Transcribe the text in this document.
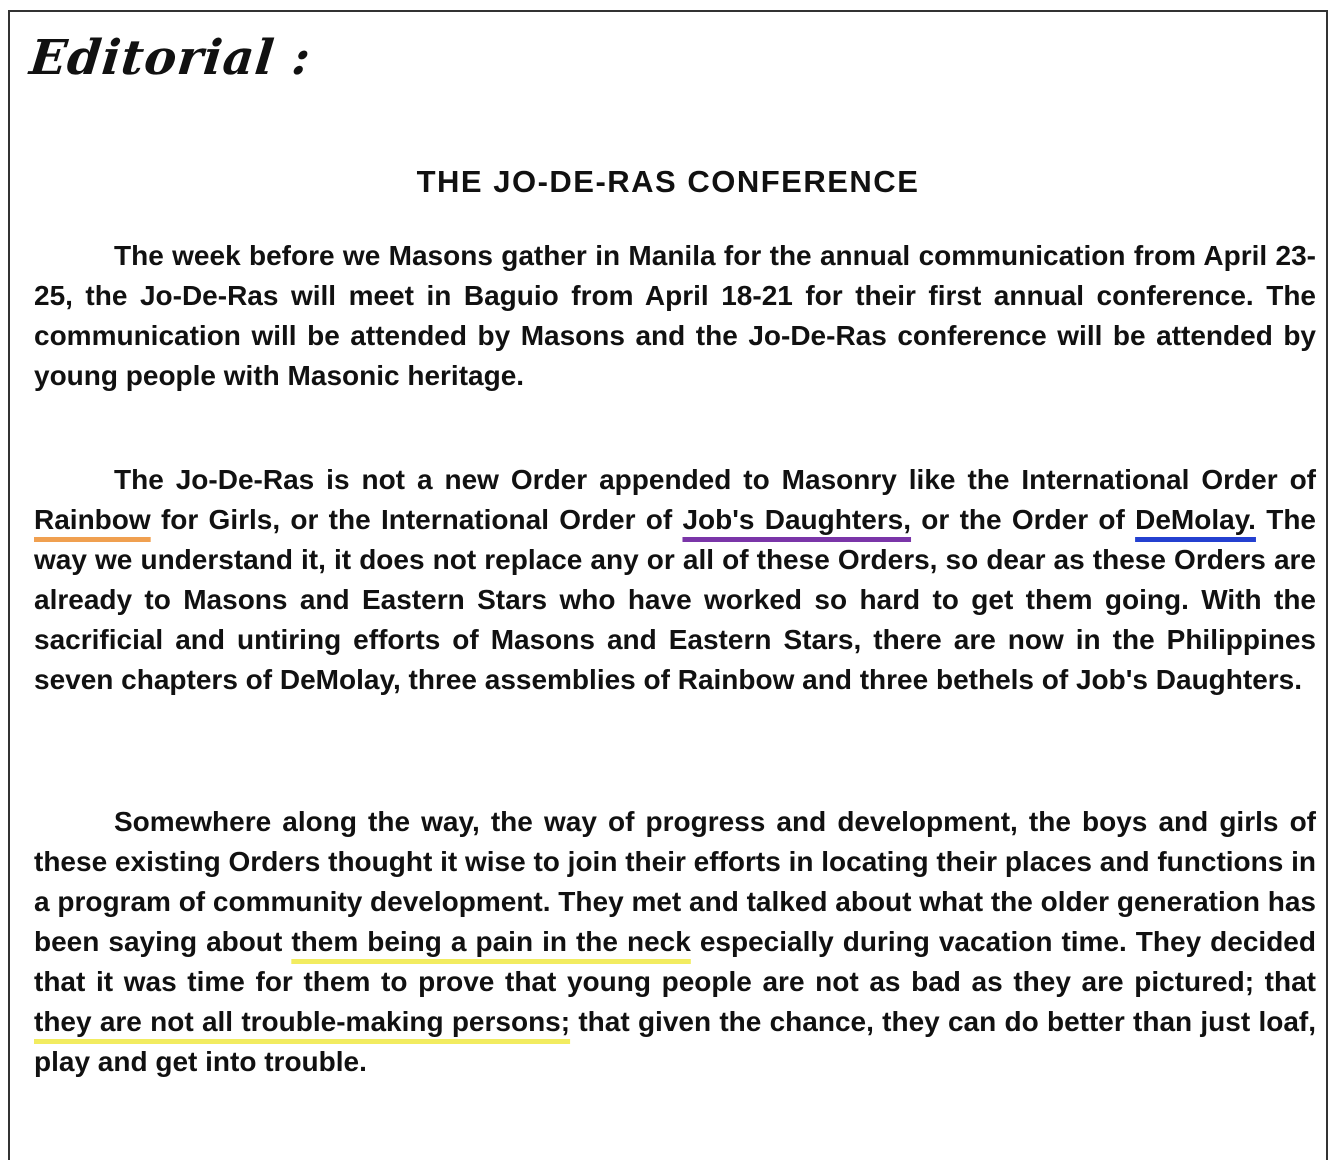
Editorial :
THE JO-DE-RAS CONFERENCE

The week before we Masons gather in Manila for the annual communication from April 23-25, the Jo-De-Ras will meet in Baguio from April 18-21 for their first annual conference. The communication will be attended by Masons and the Jo-De-Ras conference will be attended by young people with Masonic heritage.

The Jo-De-Ras is not a new Order appended to Masonry like the International Order of Rainbow for Girls, or the International Order of Job's Daughters, or the Order of DeMolay. The way we understand it, it does not replace any or all of these Orders, so dear as these Orders are already to Masons and Eastern Stars who have worked so hard to get them going. With the sacrificial and untiring efforts of Masons and Eastern Stars, there are now in the Philippines seven chapters of DeMolay, three assemblies of Rainbow and three bethels of Job's Daughters.

Somewhere along the way, the way of progress and development, the boys and girls of these existing Orders thought it wise to join their efforts in locating their places and functions in a program of community development. They met and talked about what the older generation has been saying about them being a pain in the neck especially during vacation time. They decided that it was time for them to prove that young people are not as bad as they are pictured; that they are not all trouble-making persons; that given the chance, they can do better than just loaf, play and get into trouble.
